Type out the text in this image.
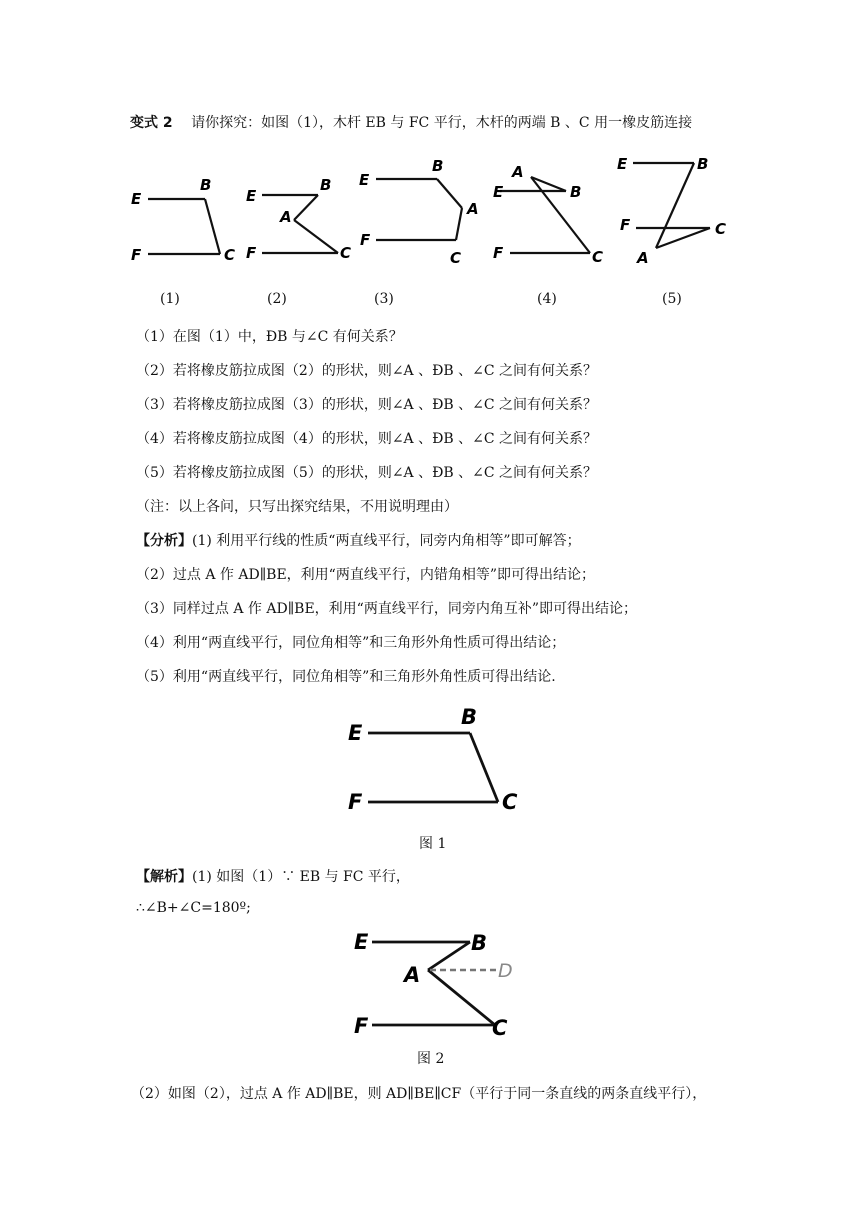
变式 2 请你探究：如图（1），木杆 EB 与 FC 平行，木杆的两端 B 、C 用一橡皮筋连接
E
B
F	C
E
B
A
F	C
E
B
A
F
C
A
E	B
F	C
E	B
F	C
A
(1)	(2)	(3)	(4)	(5)
（1）在图（1）中，ÐB 与∠C 有何关系？
（2）若将橡皮筋拉成图（2）的形状，则∠A 、ÐB 、∠C 之间有何关系？
（3）若将橡皮筋拉成图（3）的形状，则∠A 、ÐB 、∠C 之间有何关系？
（4）若将橡皮筋拉成图（4）的形状，则∠A 、ÐB 、∠C 之间有何关系？
（5）若将橡皮筋拉成图（5）的形状，则∠A 、ÐB 、∠C 之间有何关系？
（注：以上各问，只写出探究结果，不用说明理由）
【分析】(1) 利用平行线的性质“两直线平行，同旁内角相等”即可解答；
（2）过点 A 作 AD∥BE，利用“两直线平行，内错角相等”即可得出结论；
（3）同样过点 A 作 AD∥BE，利用“两直线平行，同旁内角互补”即可得出结论；
（4）利用“两直线平行，同位角相等”和三角形外角性质可得出结论；
（5）利用“两直线平行，同位角相等”和三角形外角性质可得出结论.
E
B
F	C
图 1
【解析】(1) 如图（1）∵ EB 与 FC 平行，
∴∠B+∠C=180º;
E	B
A	D
F	C
图 2
（2）如图（2），过点 A 作 AD∥BE，则 AD∥BE∥CF（平行于同一条直线的两条直线平行），
